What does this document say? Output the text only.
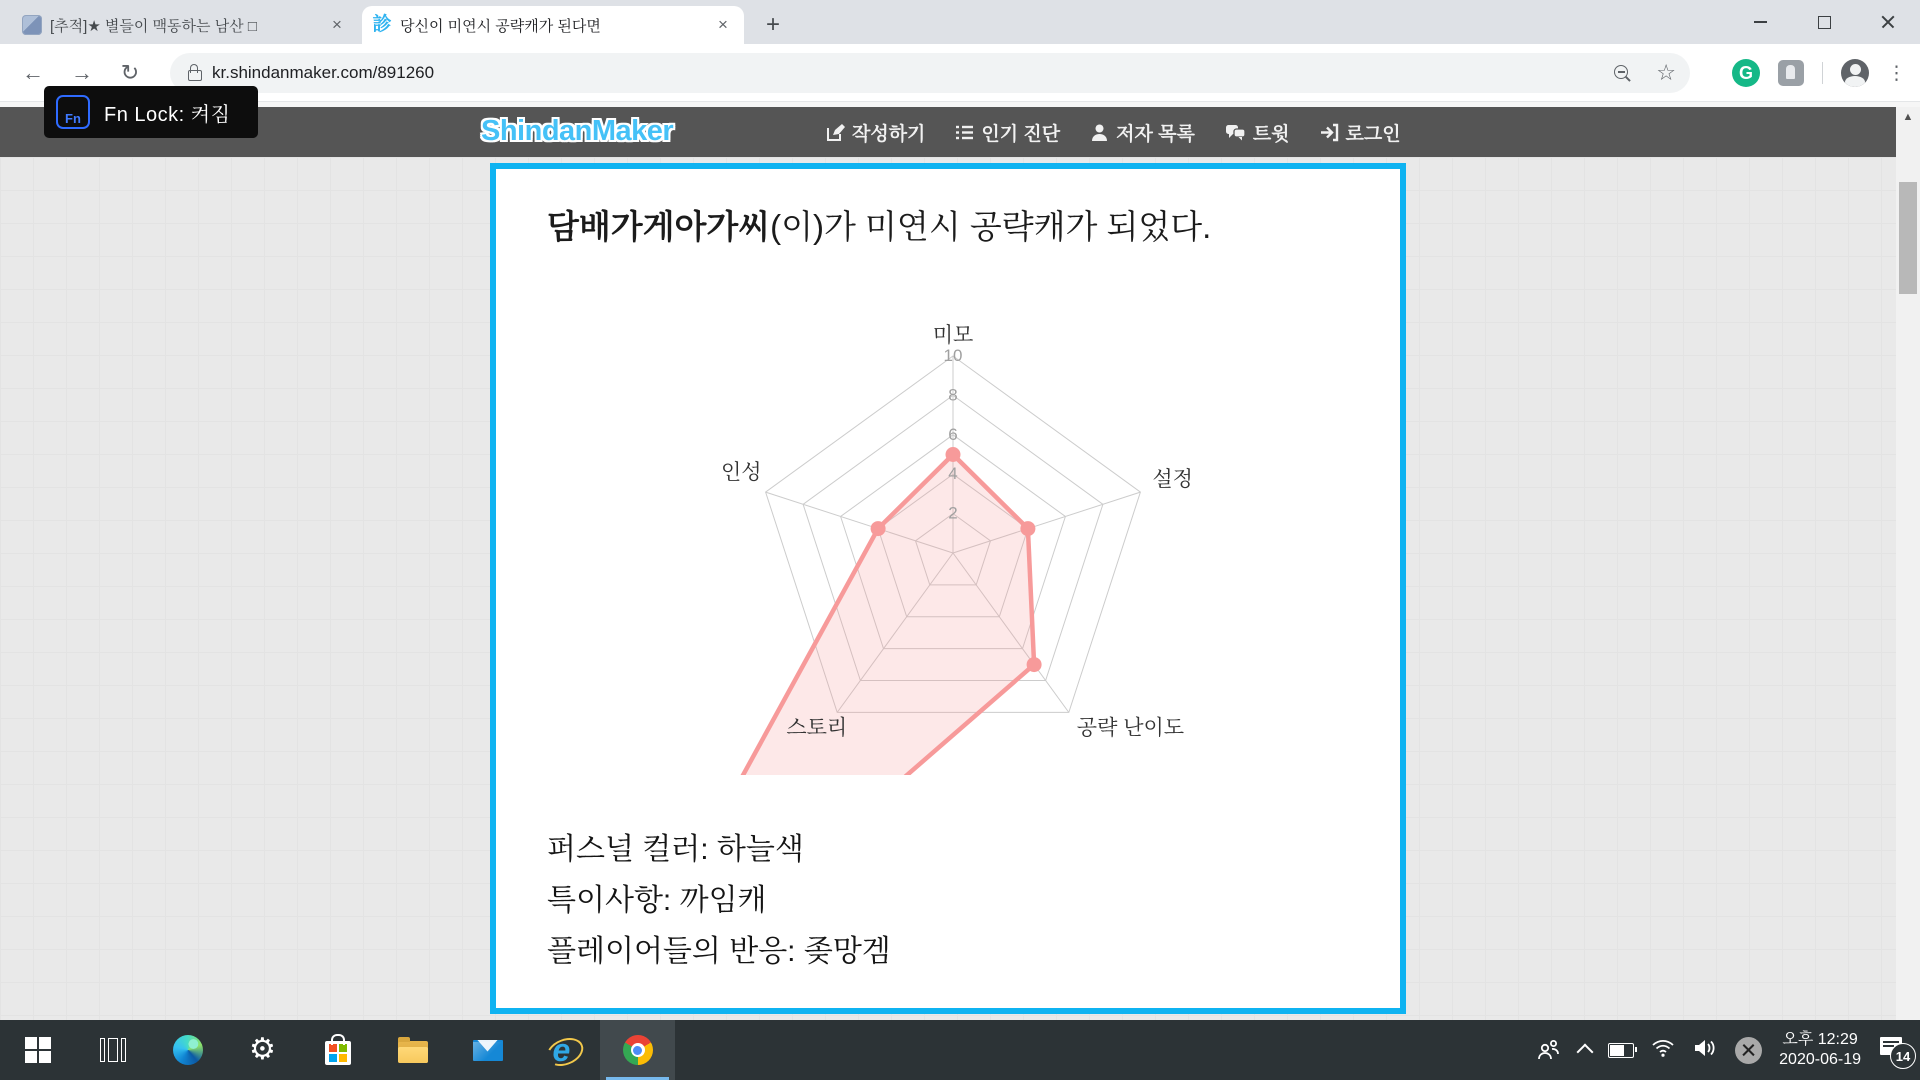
[추적]★ 별들이 맥동하는 남산 □	×	診 당신이 미연시 공략캐가 된다면	×	+
← →	↻	kr.shindanmaker.com/891260	☆	G	⋮
ShindanMaker	작성하기	인기 진단	저자 목록	트윗	로그인
담배가게아가씨(이)가 미연시 공략캐가 되었다.
2
4
6
8
10
미모
설정
공략 난이도
스토리
인성
퍼스널 컬러: 하늘색
특이사항: 까임캐
플레이어들의 반응: 좆망겜
Fn Fn Lock: 켜짐	▲
⚙	e	오후 12:29
2020-06-19	14
